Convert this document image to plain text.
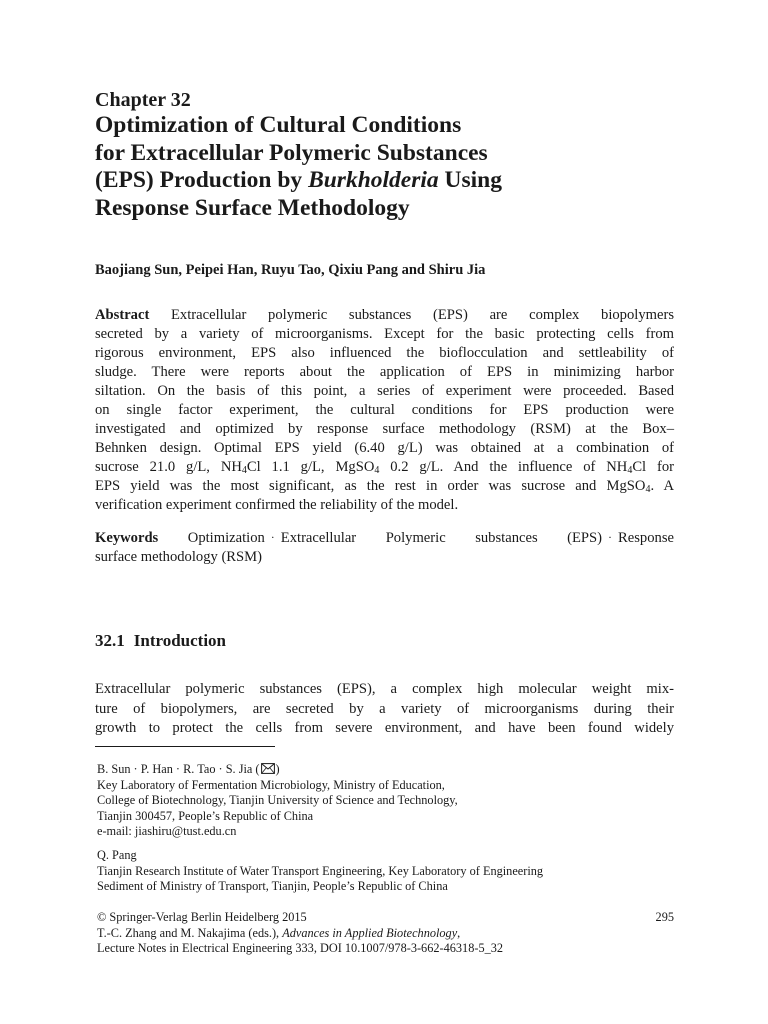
Chapter 32

Optimization of Cultural Conditions
for Extracellular Polymeric Substances
(EPS) Production by Burkholderia Using
Response Surface Methodology
Baojiang Sun, Peipei Han, Ruyu Tao, Qixiu Pang and Shiru Jia
Abstract Extracellular polymeric substances (EPS) are complex biopolymers
secreted by a variety of microorganisms. Except for the basic protecting cells from
rigorous environment, EPS also influenced the bioflocculation and settleability of
sludge. There were reports about the application of EPS in minimizing harbor
siltation. On the basis of this point, a series of experiment were proceeded. Based
on single factor experiment, the cultural conditions for EPS production were
investigated and optimized by response surface methodology (RSM) at the Box–
Behnken design. Optimal EPS yield (6.40 g/L) was obtained at a combination of
sucrose 21.0 g/L, $NH_4Cl$ 1.1 g/L, MgSO$_4$ 0.2 g/L. And the influence of $NH_4Cl$ for
EPS yield was the most significant, as the rest in order was sucrose and MgSO$_4$. A
verification experiment confirmed the reliability of the model.
Keywords Optimization · Extracellular Polymeric substances (EPS) · Response
surface methodology (RSM)
32.1 Introduction
Extracellular polymeric substances (EPS), a complex high molecular weight mix-
ture of biopolymers, are secreted by a variety of microorganisms during their
growth to protect the cells from severe environment, and have been found widely
B. Sun · P. Han · R. Tao · S. Jia ( )
Key Laboratory of Fermentation Microbiology, Ministry of Education,
College of Biotechnology, Tianjin University of Science and Technology,
Tianjin 300457, People’s Republic of China
e-mail: jiashiru@tust.edu.cn
Q. Pang
Tianjin Research Institute of Water Transport Engineering, Key Laboratory of Engineering
Sediment of Ministry of Transport, Tianjin, People’s Republic of China
© Springer-Verlag Berlin Heidelberg 2015	295
T.-C. Zhang and M. Nakajima (eds.), Advances in Applied Biotechnology,
Lecture Notes in Electrical Engineering 333, DOI 10.1007/978-3-662-46318-5_32
